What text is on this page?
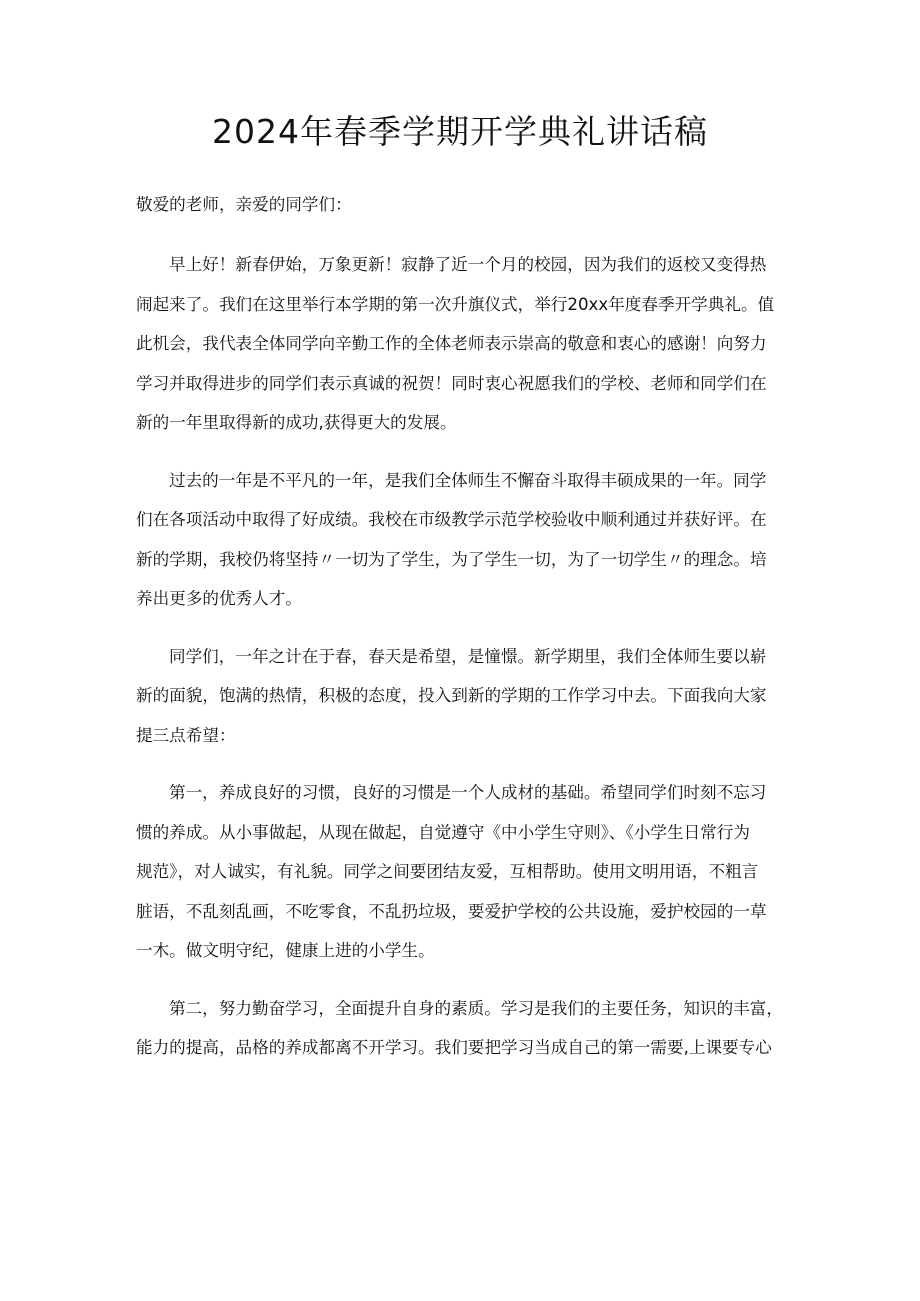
2024年春季学期开学典礼讲话稿
敬爱的老师，亲爱的同学们：
早上好！新春伊始，万象更新！寂静了近一个月的校园，因为我们的返校又变得热
闹起来了。我们在这里举行本学期的第一次升旗仪式，举行20xx年度春季开学典礼。值
此机会，我代表全体同学向辛勤工作的全体老师表示崇高的敬意和衷心的感谢！向努力
学习并取得进步的同学们表示真诚的祝贺！同时衷心祝愿我们的学校、老师和同学们在
新的一年里取得新的成功,获得更大的发展。
过去的一年是不平凡的一年，是我们全体师生不懈奋斗取得丰硕成果的一年。同学
们在各项活动中取得了好成绩。我校在市级教学示范学校验收中顺利通过并获好评。在
新的学期，我校仍将坚持〃一切为了学生，为了学生一切，为了一切学生〃的理念。培
养出更多的优秀人才。
同学们，一年之计在于春，春天是希望，是憧憬。新学期里，我们全体师生要以崭
新的面貌，饱满的热情，积极的态度，投入到新的学期的工作学习中去。下面我向大家
提三点希望：
第一，养成良好的习惯，良好的习惯是一个人成材的基础。希望同学们时刻不忘习
惯的养成。从小事做起，从现在做起，自觉遵守《中小学生守则》、《小学生日常行为
规范》，对人诚实，有礼貌。同学之间要团结友爱，互相帮助。使用文明用语，不粗言
脏语，不乱刻乱画，不吃零食，不乱扔垃圾，要爱护学校的公共设施，爱护校园的一草
一木。做文明守纪，健康上进的小学生。
第二，努力勤奋学习，全面提升自身的素质。学习是我们的主要任务，知识的丰富，
能力的提高，品格的养成都离不开学习。我们要把学习当成自己的第一需要,上课要专心
